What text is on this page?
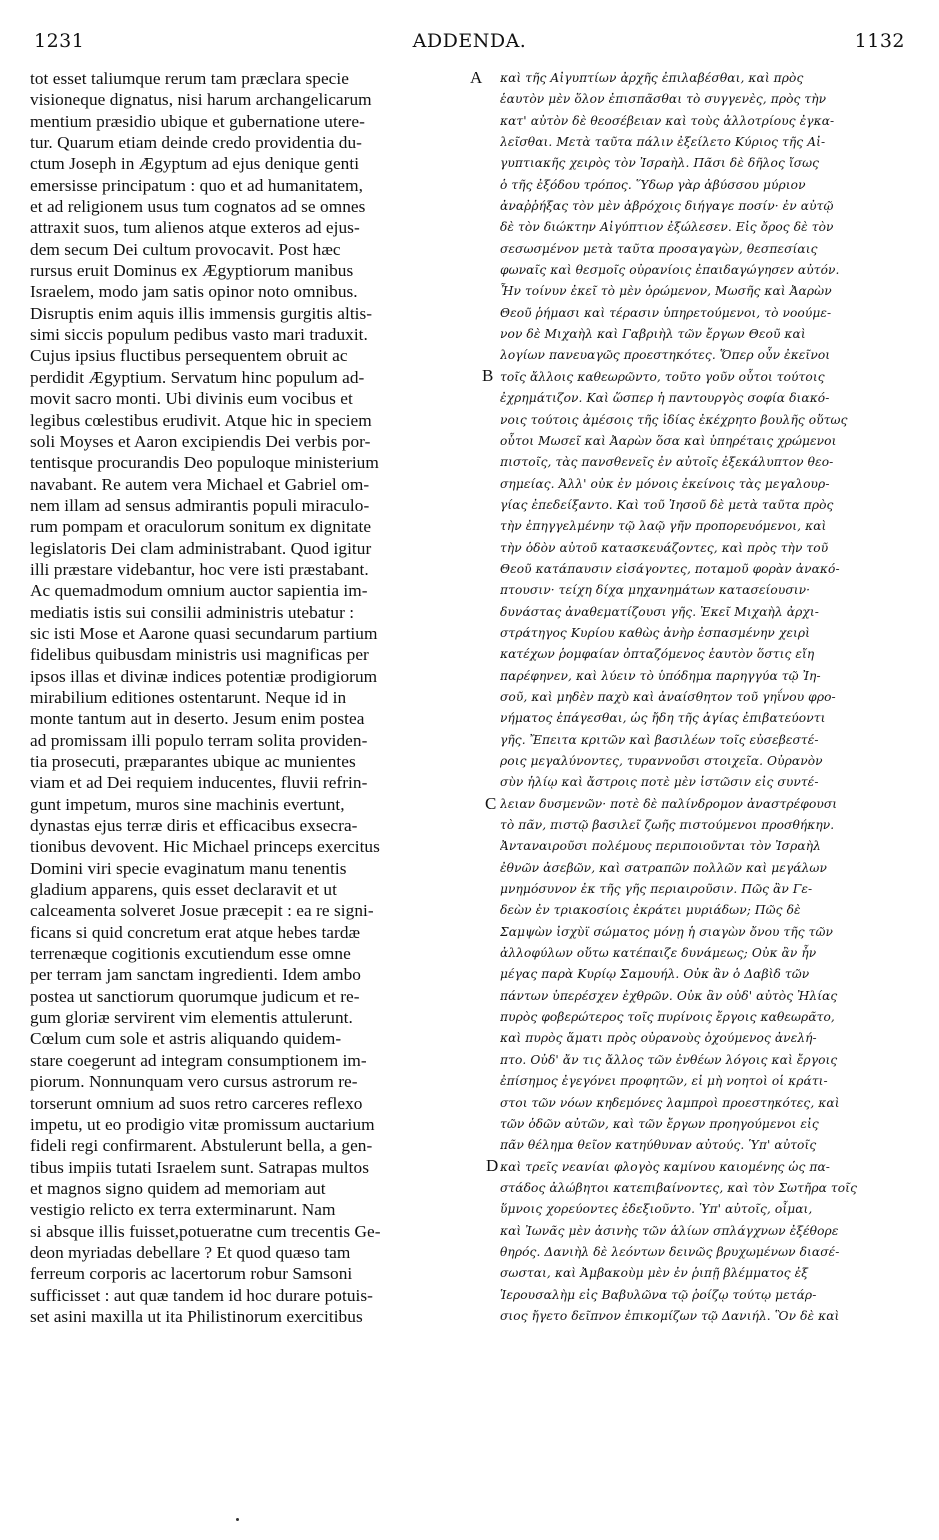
1231	ADDENDA.	1132
tot esset taliumque rerum tam præclara specie
visioneque dignatus, nisi harum archangelicarum
mentium præsidio ubique et gubernatione utere-
tur. Quarum etiam deinde credo providentia du-
ctum Joseph in Ægyptum ad ejus denique genti
emersisse principatum : quo et ad humanitatem,
et ad religionem usus tum cognatos ad se omnes
attraxit suos, tum alienos atque exteros ad ejus-
dem secum Dei cultum provocavit. Post hæc
rursus eruit Dominus ex Ægyptiorum manibus
Israelem, modo jam satis opinor noto omnibus.
Disruptis enim aquis illis immensis gurgitis altis-
simi siccis populum pedibus vasto mari traduxit.
Cujus ipsius fluctibus persequentem obruit ac
perdidit Ægyptium. Servatum hinc populum ad-
movit sacro monti. Ubi divinis eum vocibus et
legibus cœlestibus erudivit. Atque hic in speciem
soli Moyses et Aaron excipiendis Dei verbis por-
tentisque procurandis Deo populoque ministerium
navabant. Re autem vera Michael et Gabriel om-
nem illam ad sensus admirantis populi miraculo-
rum pompam et oraculorum sonitum ex dignitate
legislatoris Dei clam administrabant. Quod igitur
illi præstare videbantur, hoc vere isti præstabant.
Ac quemadmodum omnium auctor sapientia im-
mediatis istis sui consilii administris utebatur :
sic isti Mose et Aarone quasi secundarum partium
fidelibus quibusdam ministris usi magnificas per
ipsos illas et divinæ indices potentiæ prodigiorum
mirabilium editiones ostentarunt. Neque id in
monte tantum aut in deserto. Jesum enim postea
ad promissam illi populo terram solita providen-
tia prosecuti, præparantes ubique ac munientes
viam et ad Dei requiem inducentes, fluvii refrin-
gunt impetum, muros sine machinis evertunt,
dynastas ejus terræ diris et efficacibus exsecra-
tionibus devovent. Hic Michael princeps exercitus
Domini viri specie evaginatum manu tenentis
gladium apparens, quis esset declaravit et ut
calceamenta solveret Josue præcepit : ea re signi-
ficans si quid concretum erat atque hebes tardæ
terrenæque cogitionis excutiendum esse omne
per terram jam sanctam ingredienti. Idem ambo
postea ut sanctiorum quorumque judicum et re-
gum gloriæ servirent vim elementis attulerunt.
Cœlum cum sole et astris aliquando quidem-
stare coegerunt ad integram consumptionem im-
piorum. Nonnunquam vero cursus astrorum re-
torserunt omnium ad suos retro carceres reflexo
impetu, ut eo prodigio vitæ promissum auctarium
fideli regi confirmarent. Abstulerunt bella, a gen-
tibus impiis tutati Israelem sunt. Satrapas multos
et magnos signo quidem ad memoriam aut
vestigio relicto ex terra exterminarunt. Nam
si absque illis fuisset,potueratne cum trecentis Ge-
deon myriadas debellare ? Et quod quæso tam
ferreum corporis ac lacertorum robur Samsoni
sufficisset : aut quæ tandem id hoc durare potuis-
set asini maxilla ut ita Philistinorum exercitibus
καὶ τῆς Αἰγυπτίων ἀρχῆς ἐπιλαβέσθαι, καὶ πρὸς
ἑαυτὸν μὲν ὅλον ἐπισπᾶσθαι τὸ συγγενὲς, πρὸς τὴν
κατ' αὐτὸν δὲ θεοσέβειαν καὶ τοὺς ἀλλοτρίους ἐγκα-
λεῖσθαι. Μετὰ ταῦτα πάλιν ἐξείλετο Κύριος τῆς Αἰ-
γυπτιακῆς χειρὸς τὸν Ἰσραὴλ. Πᾶσι δὲ δῆλος ἴσως
ὁ τῆς ἐξόδου τρόπος. Ὕδωρ γὰρ ἀβύσσου μύριον
ἀναῤῥήξας τὸν μὲν ἀβρόχοις διήγαγε ποσίν· ἐν αὐτῷ
δὲ τὸν διώκτην Αἰγύπτιον ἐξώλεσεν. Εἰς ὄρος δὲ τὸν
σεσωσμένον μετὰ ταῦτα προσαγαγὼν, θεσπεσίαις
φωναῖς καὶ θεσμοῖς οὐρανίοις ἐπαιδαγώγησεν αὐτόν.
Ἦν τοίνυν ἐκεῖ τὸ μὲν ὁρώμενον, Μωσῆς καὶ Ἀαρὼν
Θεοῦ ῥήμασι καὶ τέρασιν ὑπηρετούμενοι, τὸ νοούμε-
νον δὲ Μιχαὴλ καὶ Γαβριὴλ τῶν ἔργων Θεοῦ καὶ
λογίων πανευαγῶς προεστηκότες. Ὅπερ οὖν ἐκεῖνοι
τοῖς ἄλλοις καθεωρῶντο, τοῦτο γοῦν οὗτοι τούτοις
ἐχρημάτιζον. Καὶ ὥσπερ ἡ παντουργὸς σοφία διακό-
νοις τούτοις ἀμέσοις τῆς ἰδίας ἐκέχρητο βουλῆς οὕτως
οὗτοι Μωσεῖ καὶ Ἀαρὼν ὅσα καὶ ὑπηρέταις χρώμενοι
πιστοῖς, τὰς πανσθενεῖς ἐν αὐτοῖς ἐξεκάλυπτον θεο-
σημείας. Ἀλλ' οὐκ ἐν μόνοις ἐκείνοις τὰς μεγαλουρ-
γίας ἐπεδείξαντο. Καὶ τοῦ Ἰησοῦ δὲ μετὰ ταῦτα πρὸς
τὴν ἐπηγγελμένην τῷ λαῷ γῆν προπορευόμενοι, καὶ
τὴν ὁδὸν αὐτοῦ κατασκευάζοντες, καὶ πρὸς τὴν τοῦ
Θεοῦ κατάπαυσιν εἰσάγοντες, ποταμοῦ φορὰν ἀνακό-
πτουσιν· τείχη δίχα μηχανημάτων κατασείουσιν·
δυνάστας ἀναθεματίζουσι γῆς. Ἐκεῖ Μιχαὴλ ἀρχι-
στράτηγος Κυρίου καθὼς ἀνὴρ ἐσπασμένην χειρὶ
κατέχων ῥομφαίαν ὀπταζόμενος ἑαυτὸν ὅστις εἴη
παρέφηνεν, καὶ λύειν τὸ ὑπόδημα παρηγγύα τῷ Ἰη-
σοῦ, καὶ μηδὲν παχὺ καὶ ἀναίσθητον τοῦ γηΐνου φρο-
νήματος ἐπάγεσθαι, ὡς ἤδη τῆς ἁγίας ἐπιβατεύοντι
γῆς. Ἔπειτα κριτῶν καὶ βασιλέων τοῖς εὐσεβεστέ-
ροις μεγαλύνοντες, τυραννοῦσι στοιχεῖα. Οὐρανὸν
σὺν ἡλίῳ καὶ ἄστροις ποτὲ μὲν ἱστῶσιν εἰς συντέ-
λειαν δυσμενῶν· ποτὲ δὲ παλίνδρομον ἀναστρέφουσι
τὸ πᾶν, πιστῷ βασιλεῖ ζωῆς πιστούμενοι προσθήκην.
Ἀνταναιροῦσι πολέμους περιποιοῦνται τὸν Ἰσραὴλ
ἐθνῶν ἀσεβῶν, καὶ σατραπῶν πολλῶν καὶ μεγάλων
μνημόσυνον ἐκ τῆς γῆς περιαιροῦσιν. Πῶς ἂν Γε-
δεὼν ἐν τριακοσίοις ἐκράτει μυριάδων; Πῶς δὲ
Σαμψὼν ἰσχὺϊ σώματος μόνῃ ἡ σιαγὼν ὄνου τῆς τῶν
ἀλλοφύλων οὕτω κατέπαιζε δυνάμεως; Οὐκ ἂν ἦν
μέγας παρὰ Κυρίῳ Σαμουήλ. Οὐκ ἂν ὁ Δαβὶδ τῶν
πάντων ὑπερέσχεν ἐχθρῶν. Οὐκ ἂν οὐδ' αὐτὸς Ἠλίας
πυρὸς φοβερώτερος τοῖς πυρίνοις ἔργοις καθεωρᾶτο,
καὶ πυρὸς ἅματι πρὸς οὐρανοὺς ὀχούμενος ἀνελή-
πτο. Οὐδ' ἄν τις ἄλλος τῶν ἐνθέων λόγοις καὶ ἔργοις
ἐπίσημος ἐγεγόνει προφητῶν, εἰ μὴ νοητοὶ οἱ κράτι-
στοι τῶν νόων κηδεμόνες λαμπροὶ προεστηκότες, καὶ
τῶν ὁδῶν αὐτῶν, καὶ τῶν ἔργων προηγούμενοι εἰς
πᾶν θέλημα θεῖον κατηύθυναν αὐτούς. Ὑπ' αὐτοῖς
καὶ τρεῖς νεανίαι φλογὸς καμίνου καιομένης ὡς πα-
στάδος ἀλώβητοι κατεπιβαίνοντες, καὶ τὸν Σωτῆρα τοῖς
ὕμνοις χορεύοντες ἐδεξιοῦντο. Ὑπ' αὐτοῖς, οἶμαι,
καὶ Ἰωνᾶς μὲν ἀσινὴς τῶν ἁλίων σπλάγχνων ἐξέθορε
θηρός. Δανιὴλ δὲ λεόντων δεινῶς βρυχωμένων διασέ-
σωσται, καὶ Ἀμβακοὺμ μὲν ἐν ῥιπῇ βλέμματος ἐξ
Ἱερουσαλὴμ εἰς Βαβυλῶνα τῷ ῥοίζῳ τούτῳ μετάρ-
σιος ἤγετο δεῖπνον ἐπικομίζων τῷ Δανιήλ. Ὃν δὲ καὶ
A
B
C
D
